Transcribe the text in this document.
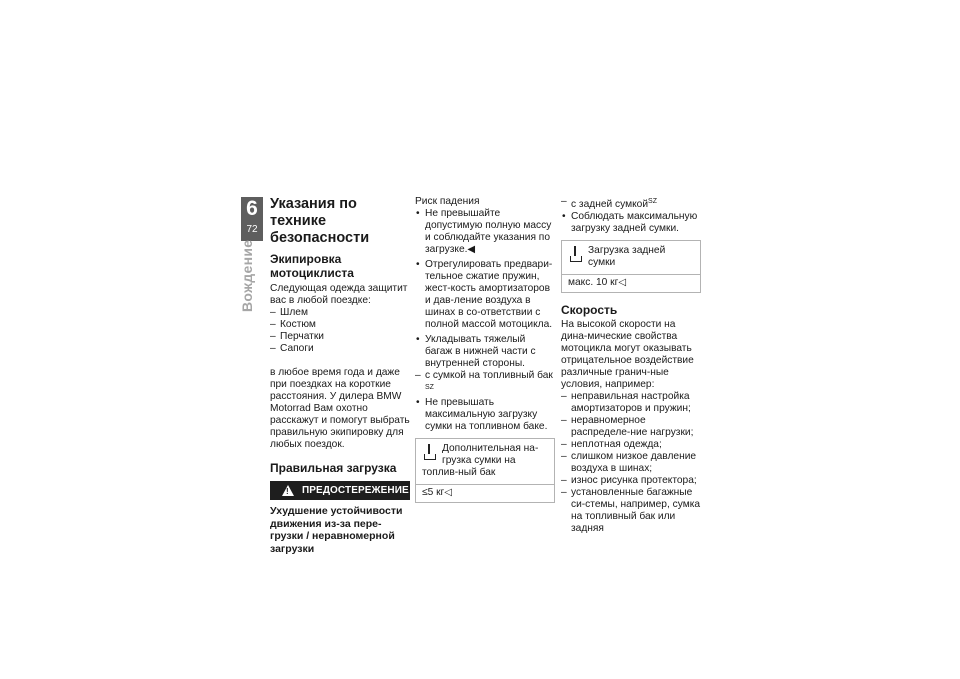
6
72
Вождение

Указания по технике безопасности

Экипировка мотоциклиста

Следующая одежда защитит вас в любой поездке:

– Шлем
– Костюм
– Перчатки
– Сапоги

в любое время года и даже при поездках на короткие расстояния. У дилера BMW Motorrad Вам охотно расскажут и помогут выбрать правильную экипировку для любых поездок.

Правильная загрузка

! ПРЕДОСТЕРЕЖЕНИЕ

Ухудшение устойчивости движения из-за пере-грузки / неравномерной загрузки

Риск падения

• Не превышайте допустимую полную массу и соблюдайте указания по загрузке.◀
• Отрегулировать предвари-тельное сжатие пружин, жест-кость амортизаторов и дав-ление воздуха в шинах в со-ответствии с полной массой мотоцикла.
• Укладывать тяжелый багаж в нижней части с внутренней стороны.
– с сумкой на топливный бак $^{SZ}$
• Не превышать максимальную загрузку сумки на топливном баке.
Дополнительная на-грузка сумки на топлив-ный бак
≤5 кг◁
– с задней сумкой$^{SZ}$
• Соблюдать максимальную загрузку задней сумки.
Загрузка задней сумки
макс. 10 кг◁

Скорость

На высокой скорости на дина-мические свойства мотоцикла могут оказывать отрицательное воздействие различные гранич-ные условия, например:

– неправильная настройка амортизаторов и пружин;
– неравномерное распределе-ние нагрузки;
– неплотная одежда;
– слишком низкое давление воздуха в шинах;
– износ рисунка протектора;
– установленные багажные си-стемы, например, сумка на топливный бак или задняя
